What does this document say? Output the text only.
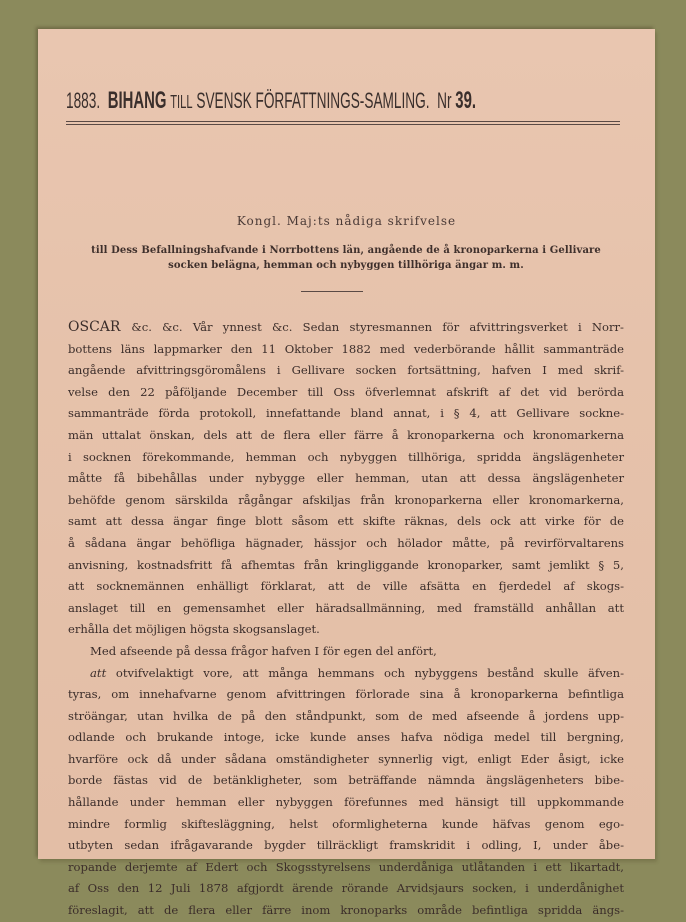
1883. BIHANG TILL SVENSK FÖRFATTNINGS-SAMLING. Nr 39.
Kongl. Maj:ts nådiga skrifvelse
till Dess Befallningshafvande i Norrbottens län, angående de å kronoparkerna i Gellivare
socken belägna, hemman och nybyggen tillhöriga ängar m. m.
OSCAR &c. &c. Vår ynnest &c. Sedan styresmannen för afvittringsverket i Norr-
bottens läns lappmarker den 11 Oktober 1882 med vederbörande hållit sammanträde
angående afvittringsgöromålens i Gellivare socken fortsättning, hafven I med skrif-
velse den 22 påföljande December till Oss öfverlemnat afskrift af det vid berörda
sammanträde förda protokoll, innefattande bland annat, i § 4, att Gellivare sockne-
män uttalat önskan, dels att de flera eller färre å kronoparkerna och kronomarkerna
i socknen förekommande, hemman och nybyggen tillhöriga, spridda ängslägenheter
måtte få bibehållas under nybygge eller hemman, utan att dessa ängslägenheter
behöfde genom särskilda rågångar afskiljas från kronoparkerna eller kronomarkerna,
samt att dessa ängar finge blott såsom ett skifte räknas, dels ock att virke för de
å sådana ängar behöfliga hägnader, hässjor och hölador måtte, på revirförvaltarens
anvisning, kostnadsfritt få afhemtas från kringliggande kronoparker, samt jemlikt § 5,
att socknemännen enhälligt förklarat, att de ville afsätta en fjerdedel af skogs-
anslaget till en gemensamhet eller häradsallmänning, med framställd anhållan att
erhålla det möjligen högsta skogsanslaget.
Med afseende på dessa frågor hafven I för egen del anfört,
att otvifvelaktigt vore, att många hemmans och nybyggens bestånd skulle äfven-
tyras, om innehafvarne genom afvittringen förlorade sina å kronoparkerna befintliga
ströängar, utan hvilka de på den ståndpunkt, som de med afseende å jordens upp-
odlande och brukande intoge, icke kunde anses hafva nödiga medel till bergning,
hvarföre ock då under sådana omständigheter synnerlig vigt, enligt Eder åsigt, icke
borde fästas vid de betänkligheter, som beträffande nämnda ängslägenheters bibe-
hållande under hemman eller nybyggen förefunnes med hänsigt till uppkommande
mindre formlig skiftesläggning, helst oformligheterna kunde häfvas genom ego-
utbyten sedan ifrågavarande bygder tillräckligt framskridit i odling, I, under åbe-
ropande derjemte af Edert och Skogsstyrelsens underdåniga utlåtanden i ett likartadt,
af Oss den 12 Juli 1878 afgjordt ärende rörande Arvidsjaurs socken, i underdånighet
föreslagit, att de flera eller färre inom kronoparks område befintliga spridda ängs-
